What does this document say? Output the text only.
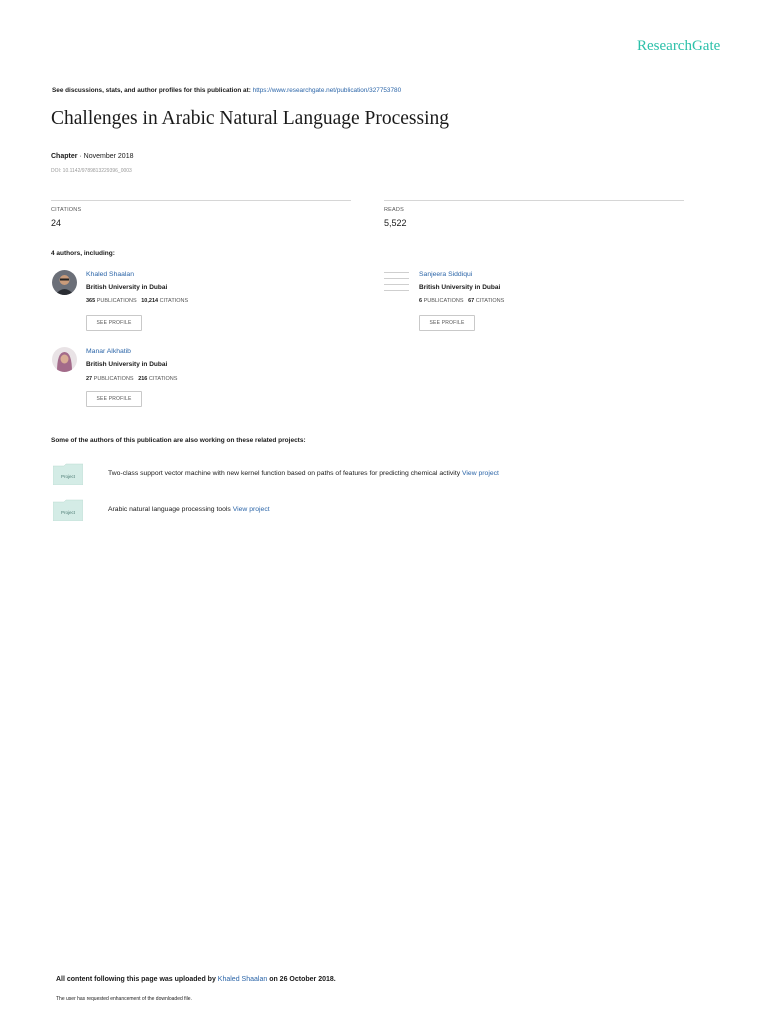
ResearchGate
See discussions, stats, and author profiles for this publication at: https://www.researchgate.net/publication/327753780
Challenges in Arabic Natural Language Processing
Chapter · November 2018
DOI: 10.1142/9789813229396_0003
CITATIONS
24
READS
5,522
4 authors, including:
Khaled Shaalan
British University in Dubai
365 PUBLICATIONS 10,214 CITATIONS
SEE PROFILE
Sanjeera Siddiqui
British University in Dubai
6 PUBLICATIONS 67 CITATIONS
SEE PROFILE
Manar Alkhatib
British University in Dubai
27 PUBLICATIONS 216 CITATIONS
SEE PROFILE
Some of the authors of this publication are also working on these related projects:
Project	Two-class support vector machine with new kernel function based on paths of features for predicting chemical activity View project
Project	Arabic natural language processing tools View project
All content following this page was uploaded by Khaled Shaalan on 26 October 2018.
The user has requested enhancement of the downloaded file.
